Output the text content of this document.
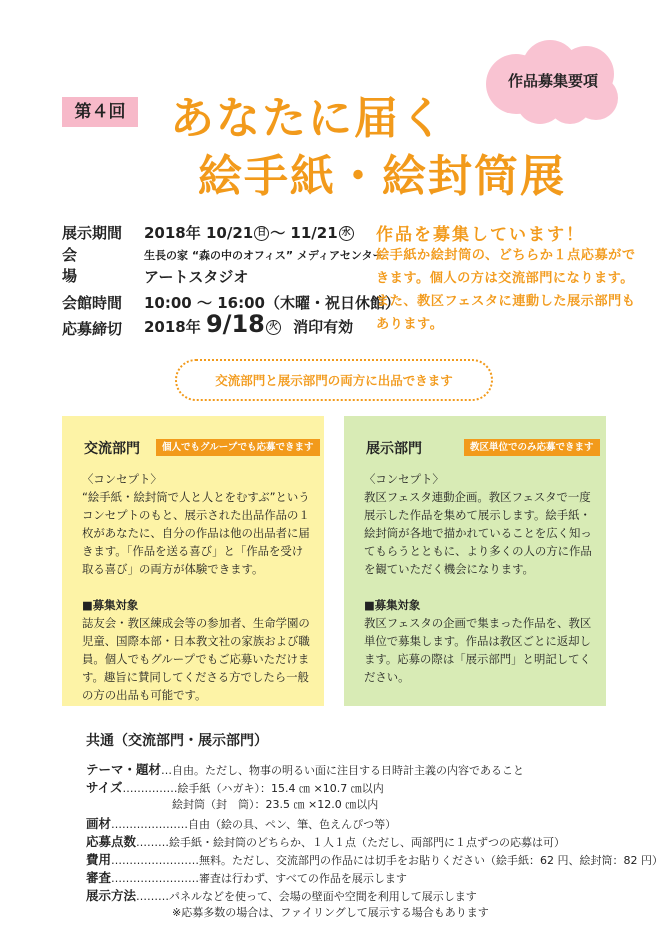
作品募集要項
第４回 あなたに届く
絵手紙・絵封筒展
展示期間	2018年 10/21 日 〜 11/21 水
会場
生長の家 “森の中のオフィス” メディアセンター
アートスタジオ
会館時間	10:00 〜 16:00（木曜・祝日休館）
応募締切	2018年 9/18 火 消印有効
作品を募集しています！
絵手紙か絵封筒の、どちらか１点応募ができます。個人の方は交流部門になります。また、教区フェスタに連動した展示部門もあります。
交流部門と展示部門の両方に出品できます
交流部門	個人でもグループでも応募できます

〈コンセプト〉

“絵手紙・絵封筒で人と人とをむすぶ”というコンセプトのもと、展示された出品作品の１枚があなたに、自分の作品は他の出品者に届きます。「作品を送る喜び」と「作品を受け取る喜び」の両方が体験できます。

■募集対象

誌友会・教区練成会等の参加者、生命学園の児童、国際本部・日本教文社の家族および職員。個人でもグループでもご応募いただけます。趣旨に賛同してくださる方でしたら一般の方の出品も可能です。

展示部門	教区単位でのみ応募できます

〈コンセプト〉

教区フェスタ連動企画。教区フェスタで一度展示した作品を集めて展示します。絵手紙・絵封筒が各地で描かれていることを広く知ってもらうとともに、より多くの人の方に作品を観ていただく機会になります。

■募集対象

教区フェスタの企画で集まった作品を、教区単位で募集します。作品は教区ごとに返却します。応募の際は「展示部門」と明記してください。

共通（交流部門・展示部門）
テーマ・題材…自由。ただし、物事の明るい面に注目する日時計主義の内容であること
サイズ……………絵手紙（ハガキ）：15.4 ㎝ ×10.7 ㎝以内
絵封筒（封　筒）：23.5 ㎝ ×12.0 ㎝以内
画材…………………自由（絵の具、ペン、筆、色えんぴつ等）
応募点数………絵手紙・絵封筒のどちらか、１人１点（ただし、両部門に１点ずつの応募は可）
費用……………………無料。ただし、交流部門の作品には切手をお貼りください（絵手紙：62 円、絵封筒：82 円）
審査……………………審査は行わず、すべての作品を展示します
展示方法………パネルなどを使って、会場の壁面や空間を利用して展示します
※応募多数の場合は、ファイリングして展示する場合もあります
